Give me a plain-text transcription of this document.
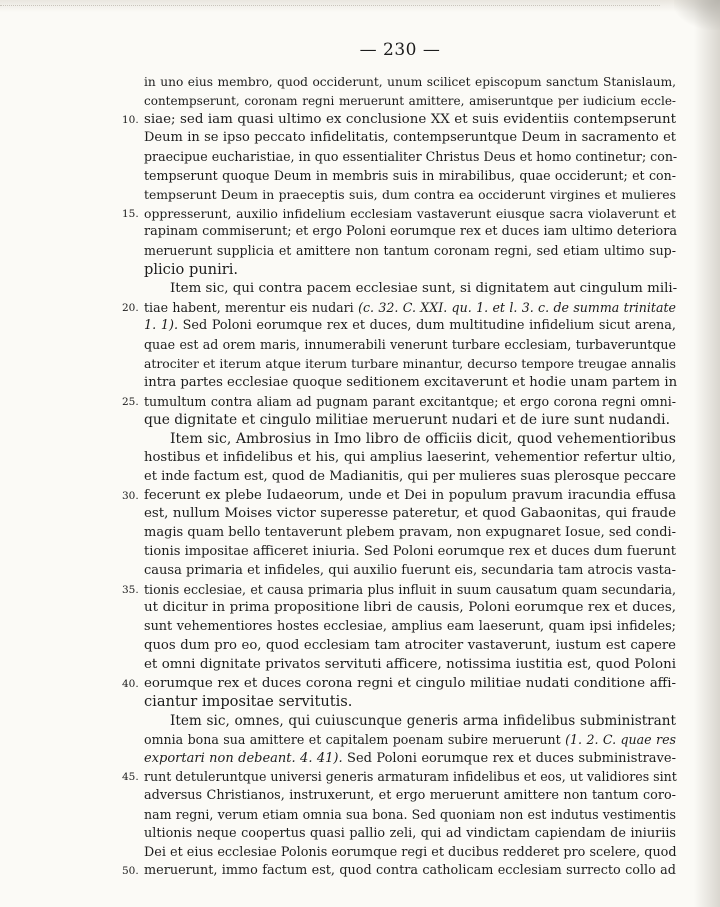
— 230 —
in uno eius membro, quod occiderunt, unum scilicet episcopum sanctum Stanislaum,
contempserunt, coronam regni meruerunt amittere, amiseruntque per iudicium eccle-
10. siae; sed iam quasi ultimo ex conclusione XX et suis evidentiis contempserunt
Deum in se ipso peccato infidelitatis, contempseruntque Deum in sacramento et
praecipue eucharistiae, in quo essentialiter Christus Deus et homo continetur; con-
tempserunt quoque Deum in membris suis in mirabilibus, quae occiderunt; et con-
tempserunt Deum in praeceptis suis, dum contra ea occiderunt virgines et mulieres
15. oppresserunt, auxilio infidelium ecclesiam vastaverunt eiusque sacra violaverunt et
rapinam commiserunt; et ergo Poloni eorumque rex et duces iam ultimo deteriora
meruerunt supplicia et amittere non tantum coronam regni, sed etiam ultimo sup-
plicio puniri.
Item sic, qui contra pacem ecclesiae sunt, si dignitatem aut cingulum mili-
20. tiae habent, merentur eis nudari (c. 32. C. XXI. qu. 1. et l. 3. c. de summa trinitate
1. 1). Sed Poloni eorumque rex et duces, dum multitudine infidelium sicut arena,
quae est ad orem maris, innumerabili venerunt turbare ecclesiam, turbaveruntque
atrociter et iterum atque iterum turbare minantur, decurso tempore treugae annalis
intra partes ecclesiae quoque seditionem excitaverunt et hodie unam partem in
25. tumultum contra aliam ad pugnam parant excitantque; et ergo corona regni omni-
que dignitate et cingulo militiae meruerunt nudari et de iure sunt nudandi.
Item sic, Ambrosius in Imo libro de officiis dicit, quod vehementioribus
hostibus et infidelibus et his, qui amplius laeserint, vehementior refertur ultio,
et inde factum est, quod de Madianitis, qui per mulieres suas plerosque peccare
30. fecerunt ex plebe Iudaeorum, unde et Dei in populum pravum iracundia effusa
est, nullum Moises victor superesse pateretur, et quod Gabaonitas, qui fraude
magis quam bello tentaverunt plebem pravam, non expugnaret Iosue, sed condi-
tionis impositae afficeret iniuria. Sed Poloni eorumque rex et duces dum fuerunt
causa primaria et infideles, qui auxilio fuerunt eis, secundaria tam atrocis vasta-
35. tionis ecclesiae, et causa primaria plus influit in suum causatum quam secundaria,
ut dicitur in prima propositione libri de causis, Poloni eorumque rex et duces,
sunt vehementiores hostes ecclesiae, amplius eam laeserunt, quam ipsi infideles;
quos dum pro eo, quod ecclesiam tam atrociter vastaverunt, iustum est capere
et omni dignitate privatos servituti afficere, notissima iustitia est, quod Poloni
40. eorumque rex et duces corona regni et cingulo militiae nudati conditione affi-
ciantur impositae servitutis.
Item sic, omnes, qui cuiuscunque generis arma infidelibus subministrant
omnia bona sua amittere et capitalem poenam subire meruerunt (1. 2. C. quae res
exportari non debeant. 4. 41). Sed Poloni eorumque rex et duces subministrave-
45. runt detuleruntque universi generis armaturam infidelibus et eos, ut validiores sint
adversus Christianos, instruxerunt, et ergo meruerunt amittere non tantum coro-
nam regni, verum etiam omnia sua bona. Sed quoniam non est indutus vestimentis
ultionis neque coopertus quasi pallio zeli, qui ad vindictam capiendam de iniuriis
Dei et eius ecclesiae Polonis eorumque regi et ducibus redderet pro scelere, quod
50. meruerunt, immo factum est, quod contra catholicam ecclesiam surrecto collo ad
